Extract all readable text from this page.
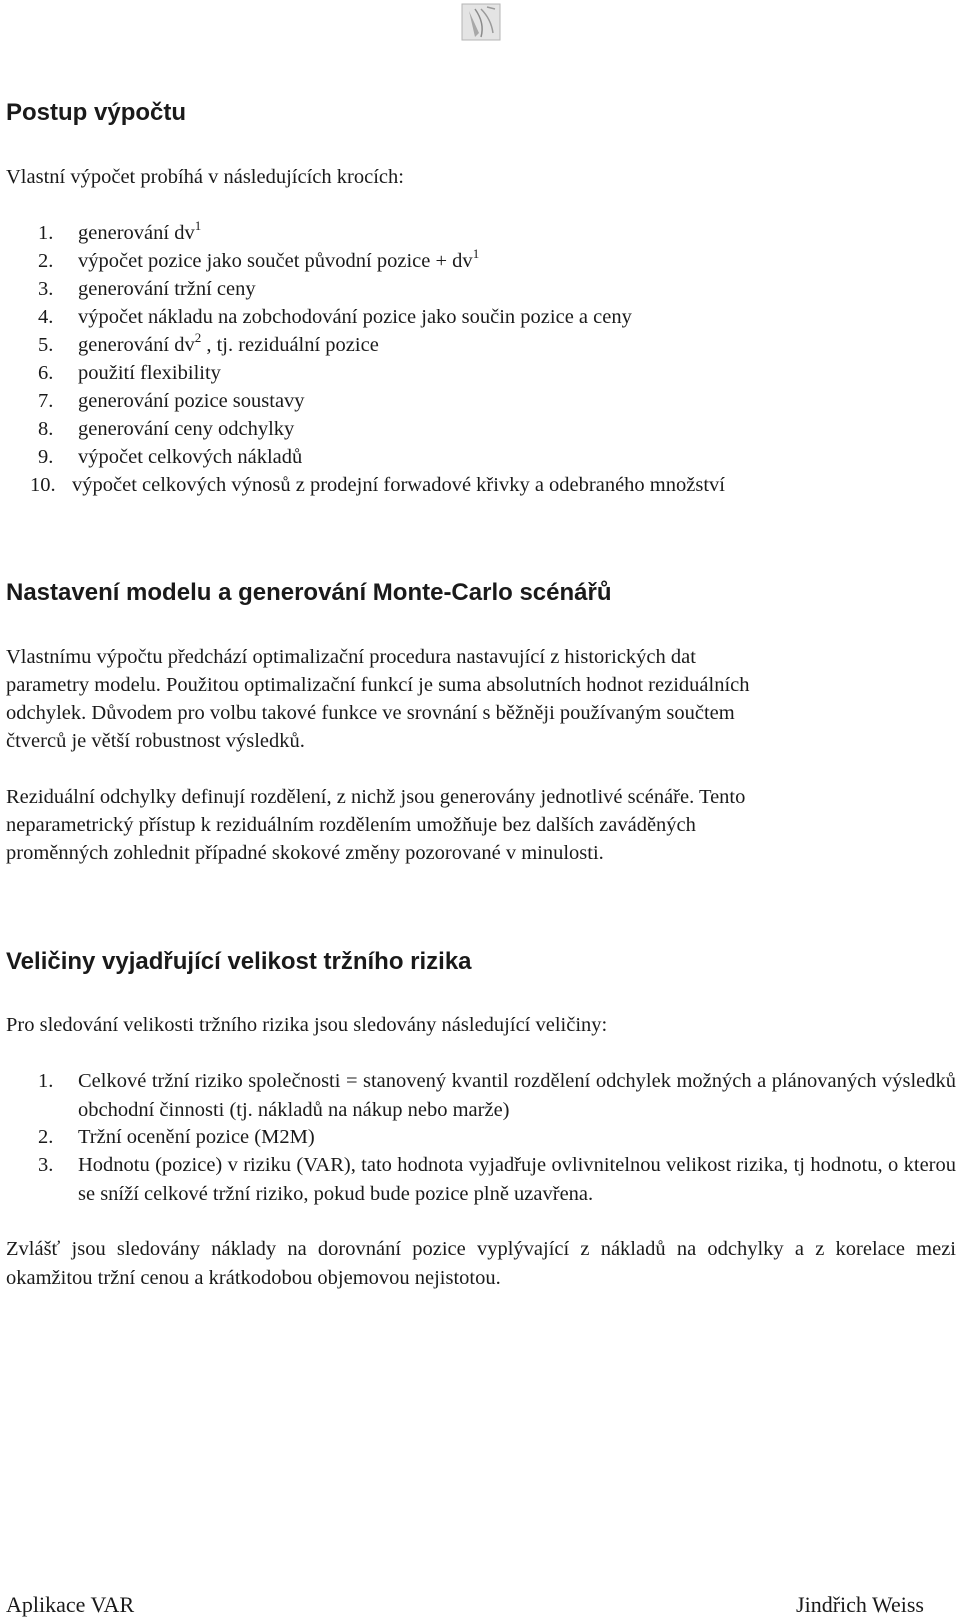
Postup výpočtu

Vlastní výpočet probíhá v následujících krocích:

1. generování $dv^1$
2. výpočet pozice jako součet původní pozice + $dv^1$
3. generování tržní ceny
4. výpočet nákladu na zobchodování pozice jako součin pozice a ceny
5. generování $dv^2$ , tj. reziduální pozice
6. použití flexibility
7. generování pozice soustavy
8. generování ceny odchylky
9. výpočet celkových nákladů
10. výpočet celkových výnosů z prodejní forwadové křivky a odebraného množství
Nastavení modelu a generování Monte-Carlo scénářů
Vlastnímu výpočtu předchází optimalizační procedura nastavující z historických dat
parametry modelu. Použitou optimalizační funkcí je suma absolutních hodnot reziduálních
odchylek. Důvodem pro volbu takové funkce ve srovnání s běžněji používaným součtem
čtverců je větší robustnost výsledků.
Reziduální odchylky definují rozdělení, z nichž jsou generovány jednotlivé scénáře. Tento
neparametrický přístup k reziduálním rozdělením umožňuje bez dalších zaváděných
proměnných zohlednit případné skokové změny pozorované v minulosti.
Veličiny vyjadřující velikost tržního rizika

Pro sledování velikosti tržního rizika jsou sledovány následující veličiny:

1. Celkové tržní riziko společnosti = stanovený kvantil rozdělení odchylek možných a plánovaných výsledků obchodní činnosti (tj. nákladů na nákup nebo marže)
2. Tržní ocenění pozice (M2M)
3. Hodnotu (pozice) v riziku (VAR), tato hodnota vyjadřuje ovlivnitelnou velikost rizika, tj hodnotu, o kterou se sníží celkové tržní riziko, pokud bude pozice plně uzavřena.

Zvlášť jsou sledovány náklady na dorovnání pozice vyplývající z nákladů na odchylky a z korelace mezi okamžitou tržní cenou a krátkodobou objemovou nejistotou.

Aplikace VAR	Jindřich Weiss
